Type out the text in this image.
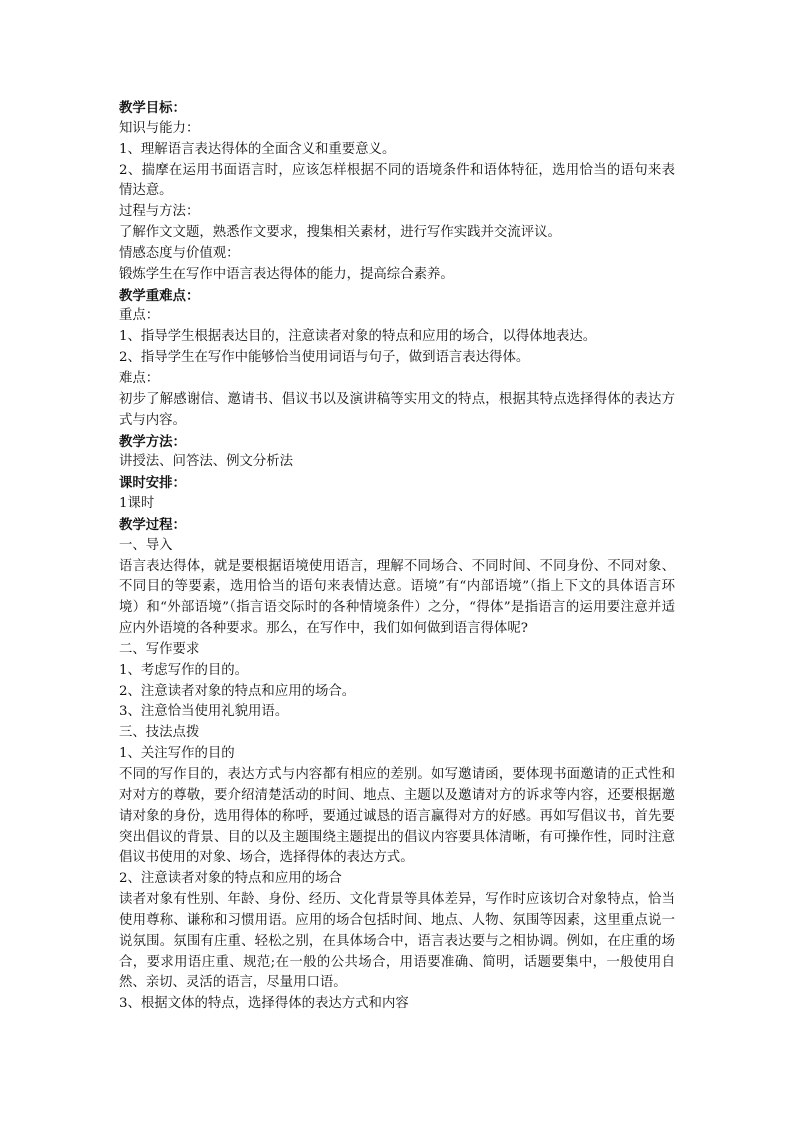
教学目标：

知识与能力：

1、理解语言表达得体的全面含义和重要意义。

2、揣摩在运用书面语言时，应该怎样根据不同的语境条件和语体特征，选用恰当的语句来表情达意。

过程与方法：

了解作文文题，熟悉作文要求，搜集相关素材，进行写作实践并交流评议。

情感态度与价值观：

锻炼学生在写作中语言表达得体的能力，提高综合素养。

教学重难点：

重点：

1、指导学生根据表达目的，注意读者对象的特点和应用的场合，以得体地表达。

2、指导学生在写作中能够恰当使用词语与句子，做到语言表达得体。

难点：

初步了解感谢信、邀请书、倡议书以及演讲稿等实用文的特点，根据其特点选择得体的表达方式与内容。

教学方法：

讲授法、问答法、例文分析法

课时安排：

1课时

教学过程：

一、导入

语言表达得体，就是要根据语境使用语言，理解不同场合、不同时间、不同身份、不同对象、不同目的等要素，选用恰当的语句来表情达意。语境”有“内部语境”（指上下文的具体语言环境）和“外部语境”（指言语交际时的各种情境条件）之分，“得体”是指语言的运用要注意并适应内外语境的各种要求。那么，在写作中，我们如何做到语言得体呢?

二、写作要求

1、考虑写作的目的。

2、注意读者对象的特点和应用的场合。

3、注意恰当使用礼貌用语。

三、技法点拨

1、关注写作的目的

不同的写作目的，表达方式与内容都有相应的差别。如写邀请函，要体现书面邀请的正式性和对对方的尊敬，要介绍清楚活动的时间、地点、主题以及邀请对方的诉求等内容，还要根据邀请对象的身份，选用得体的称呼，要通过诚恳的语言赢得对方的好感。再如写倡议书，首先要突出倡议的背景、目的以及主题围绕主题提出的倡议内容要具体清晰，有可操作性，同时注意倡议书使用的对象、场合，选择得体的表达方式。

2、注意读者对象的特点和应用的场合

读者对象有性别、年龄、身份、经历、文化背景等具体差异，写作时应该切合对象特点，恰当使用尊称、谦称和习惯用语。应用的场合包括时间、地点、人物、氛围等因素，这里重点说一说氛围。氛围有庄重、轻松之别，在具体场合中，语言表达要与之相协调。例如，在庄重的场合，要求用语庄重、规范;在一般的公共场合，用语要准确、简明，话题要集中，一般使用自然、亲切、灵活的语言，尽量用口语。

3、根据文体的特点，选择得体的表达方式和内容
